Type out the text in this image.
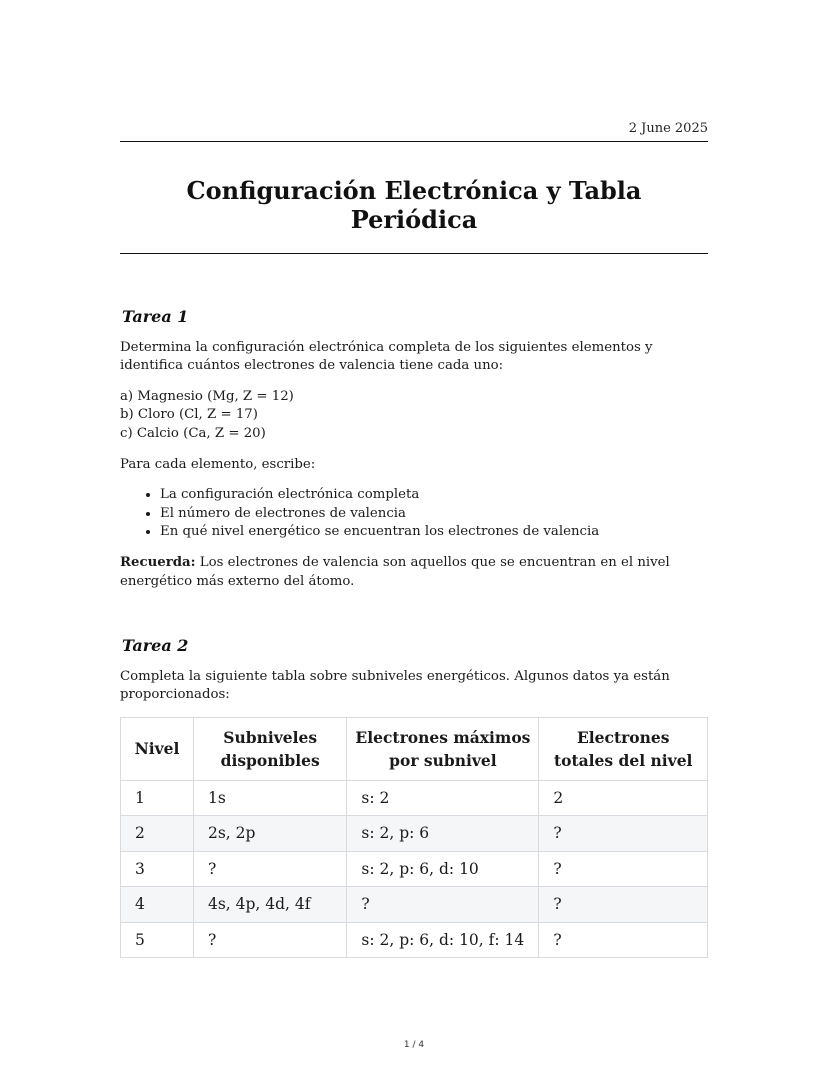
2 June 2025
Configuración Electrónica y Tabla Periódica
Tarea 1

Determina la configuración electrónica completa de los siguientes elementos y identifica cuántos electrones de valencia tiene cada uno:

a) Magnesio (Mg, Z = 12)
b) Cloro (Cl, Z = 17)
c) Calcio (Ca, Z = 20)

Para cada elemento, escribe:

• La configuración electrónica completa
• El número de electrones de valencia
• En qué nivel energético se encuentran los electrones de valencia

Recuerda: Los electrones de valencia son aquellos que se encuentran en el nivel energético más externo del átomo.

Tarea 2

Completa la siguiente tabla sobre subniveles energéticos. Algunos datos ya están proporcionados:

Nivel	Subniveles disponibles	Electrones máximos por subnivel	Electrones totales del nivel
1	1s	s: 2	2
2	2s, 2p	s: 2, p: 6	?
3	?	s: 2, p: 6, d: 10	?
4	4s, 4p, 4d, 4f	?	?
5	?	s: 2, p: 6, d: 10, f: 14	?
1 / 4
